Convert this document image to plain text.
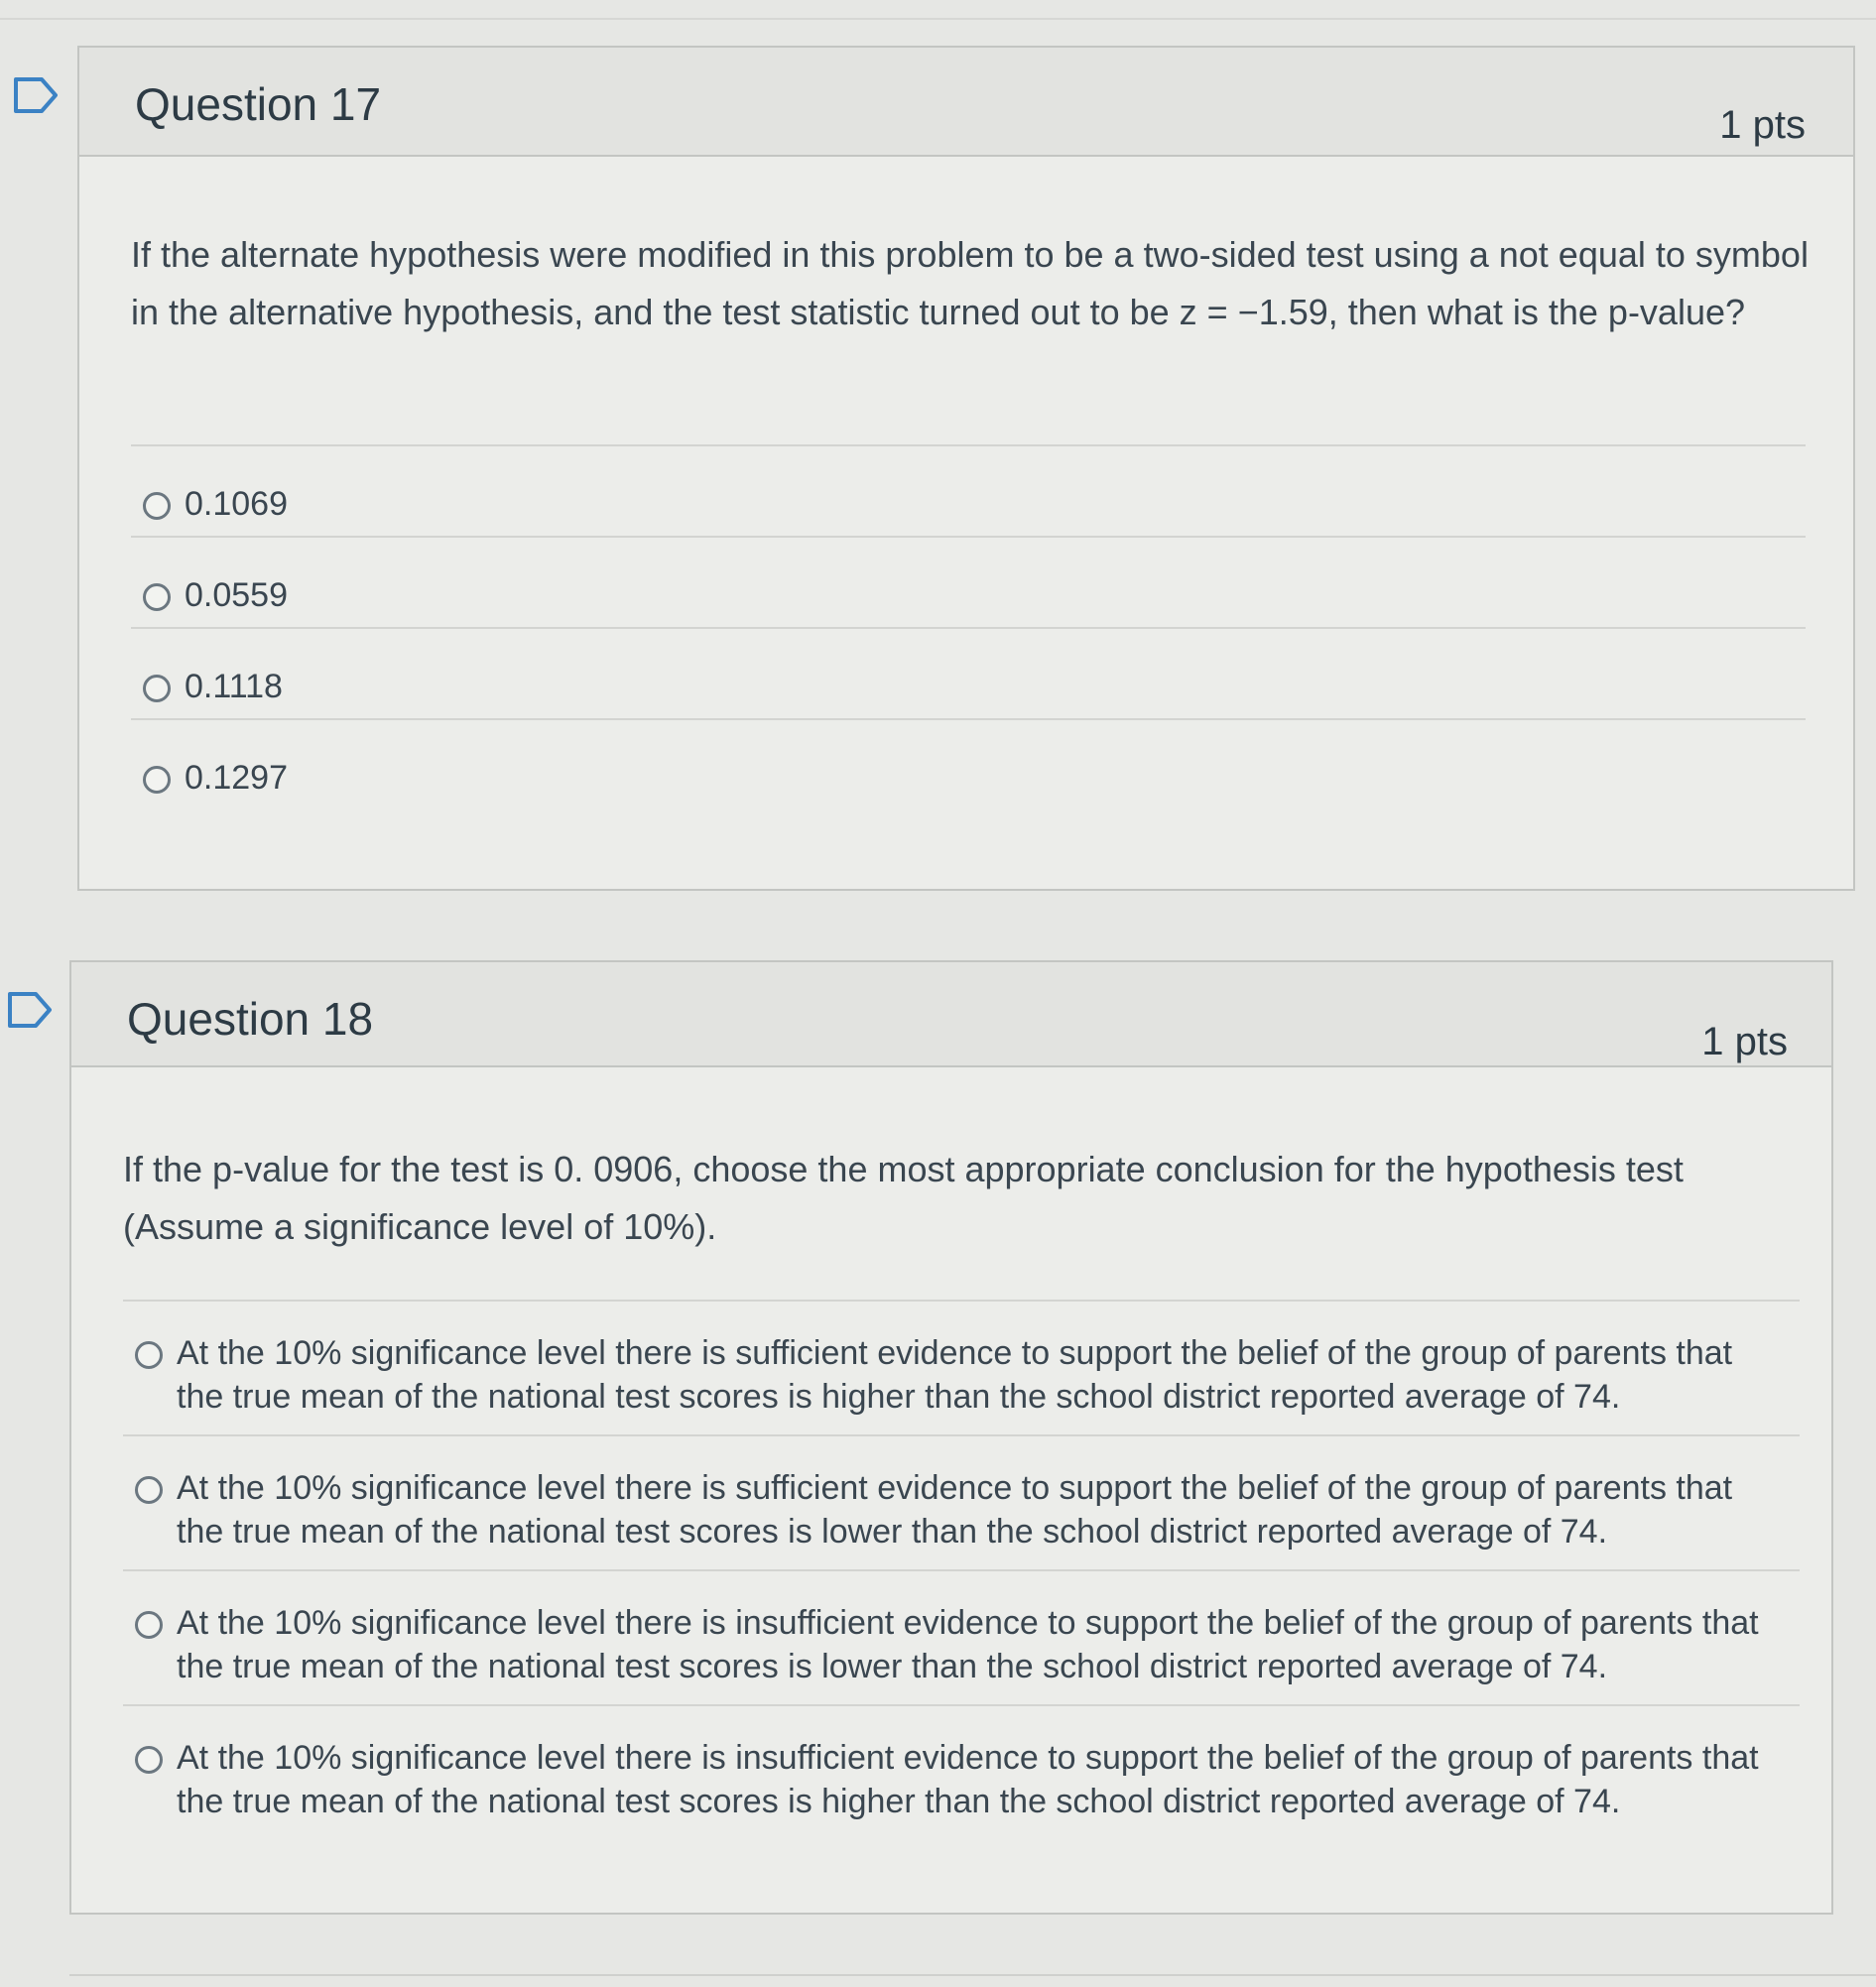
Question 17	1 pts
If the alternate hypothesis were modified in this problem to be a two-sided test using a not equal to symbol in the alternative hypothesis, and the test statistic turned out to be z = −1.59, then what is the p-value?
0.1069
0.0559
0.1118
0.1297
Question 18	1 pts
If the p-value for the test is 0. 0906, choose the most appropriate conclusion for the hypothesis test (Assume a significance level of 10%).
At the 10% significance level there is sufficient evidence to support the belief of the group of parents that the true mean of the national test scores is higher than the school district reported average of 74.
At the 10% significance level there is sufficient evidence to support the belief of the group of parents that the true mean of the national test scores is lower than the school district reported average of 74.
At the 10% significance level there is insufficient evidence to support the belief of the group of parents that the true mean of the national test scores is lower than the school district reported average of 74.
At the 10% significance level there is insufficient evidence to support the belief of the group of parents that the true mean of the national test scores is higher than the school district reported average of 74.
